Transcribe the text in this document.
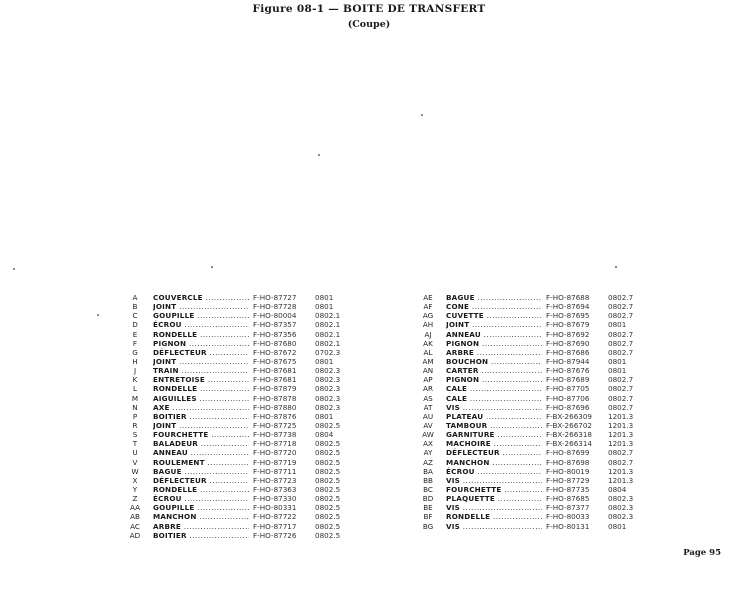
Figure 08-1 — BOITE DE TRANSFERT
(Coupe)
A	COUVERCLE .....	F-HO-87727	0801
B	JOINT .....	F-HO-87728	0801
C	GOUPILLE .....	F-HO-80004	0802.1
D	ÉCROU .....	F-HO-87357	0802.1
E	RONDELLE .....	F-HO-87356	0802.1
F	PIGNON .....	F-HO-87680	0802.1
G	DÉFLECTEUR .....	F-HO-87672	0702.3
H	JOINT .....	F-HO-87675	0801
J	TRAIN .....	F-HO-87681	0802.3
K	ENTRETOISE .....	F-HO-87681	0802.3
L	RONDELLE .....	F-HO-87879	0802.3
M	AIGUILLES .....	F-HO-87878	0802.3
N	AXE .....	F-HO-87880	0802.3
P	BOITIER .....	F-HO-87876	0801
R	JOINT .....	F-HO-87725	0802.5
S	FOURCHETTE .....	F-HO-87738	0804
T	BALADEUR .....	F-HO-87718	0802.5
U	ANNEAU .....	F-HO-87720	0802.5
V	ROULEMENT .....	F-HO-87719	0802.5
W	BAGUE .....	F-HO-87711	0802.5
X	DÉFLECTEUR .....	F-HO-87723	0802.5
Y	RONDELLE .....	F-HO-87363	0802.5
Z	ÉCROU .....	F-HO-87330	0802.5
AA	GOUPILLE .....	F-HO-80331	0802.5
AB	MANCHON .....	F-HO-87722	0802.5
AC	ARBRE .....	F-HO-87717	0802.5
AD	BOITIER .....	F-HO-87726	0802.5
AE	BAGUE .....	F-HO-87688	0802.7
AF	CONE .....	F-HO-87694	0802.7
AG	CUVETTE .....	F-HO-87695	0802.7
AH	JOINT .....	F-HO-87679	0801
AJ	ANNEAU .....	F-HO-87692	0802.7
AK	PIGNON .....	F-HO-87690	0802.7
AL	ARBRE .....	F-HO-87686	0802.7
AM	BOUCHON .....	F-HO-87944	0801
AN	CARTER .....	F-HO-87676	0801
AP	PIGNON .....	F-HO-87689	0802.7
AR	CALE .....	F-HO-87705	0802.7
AS	CALE .....	F-HO-87706	0802.7
AT	VIS .....	F-HO-87696	0802.7
AU	PLATEAU .....	F-BX-266309	1201.3
AV	TAMBOUR .....	F-BX-266702	1201.3
AW	GARNITURE .....	F-BX-266318	1201.3
AX	MACHOIRE .....	F-BX-266314	1201.3
AY	DÉFLECTEUR .....	F-HO-87699	0802.7
AZ	MANCHON .....	F-HO-87698	0802.7
BA	ÉCROU .....	F-HO-80019	1201.3
BB	VIS .....	F-HO-87729	1201.3
BC	FOURCHETTE .....	F-HO-87735	0804
BD	PLAQUETTE .....	F-HO-87685	0802.3
BE	VIS .....	F-HO-87377	0802.3
BF	RONDELLE .....	F-HO-80033	0802.3
BG	VIS .....	F-HO-80131	0801
Page 95
